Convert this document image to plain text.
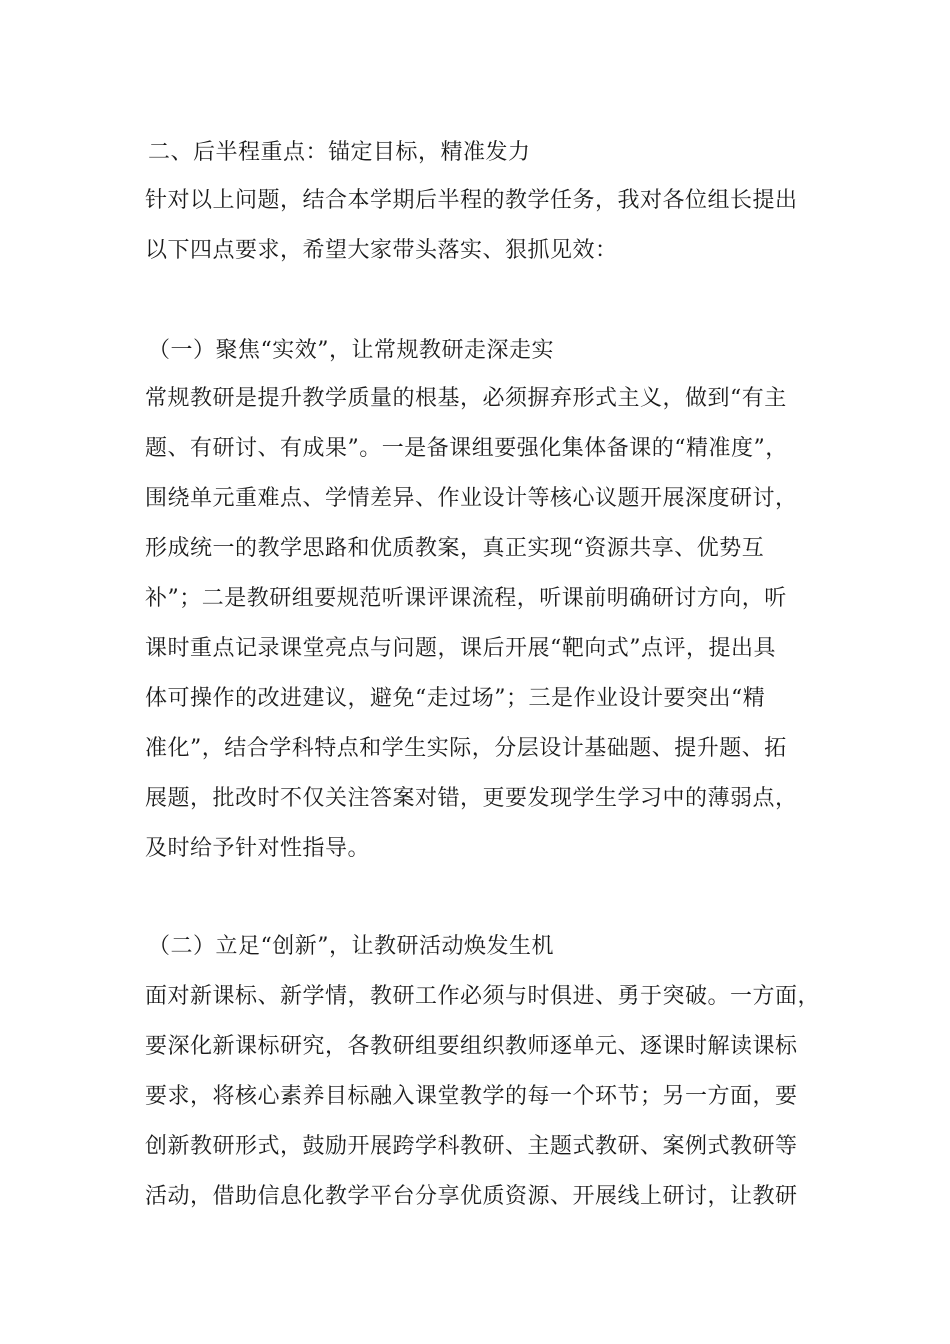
二、后半程重点：锚定目标，精准发力
针对以上问题，结合本学期后半程的教学任务，我对各位组长提出
以下四点要求，希望大家带头落实、狠抓见效：
（一）聚焦“实效”，让常规教研走深走实
常规教研是提升教学质量的根基，必须摒弃形式主义，做到“有主
题、有研讨、有成果”。一是备课组要强化集体备课的“精准度”，
围绕单元重难点、学情差异、作业设计等核心议题开展深度研讨，
形成统一的教学思路和优质教案，真正实现“资源共享、优势互
补”；二是教研组要规范听课评课流程，听课前明确研讨方向，听
课时重点记录课堂亮点与问题，课后开展“靶向式”点评，提出具
体可操作的改进建议，避免“走过场”；三是作业设计要突出“精
准化”，结合学科特点和学生实际，分层设计基础题、提升题、拓
展题，批改时不仅关注答案对错，更要发现学生学习中的薄弱点，
及时给予针对性指导。
（二）立足“创新”，让教研活动焕发生机
面对新课标、新学情，教研工作必须与时俱进、勇于突破。一方面，
要深化新课标研究，各教研组要组织教师逐单元、逐课时解读课标
要求，将核心素养目标融入课堂教学的每一个环节；另一方面，要
创新教研形式，鼓励开展跨学科教研、主题式教研、案例式教研等
活动，借助信息化教学平台分享优质资源、开展线上研讨，让教研
